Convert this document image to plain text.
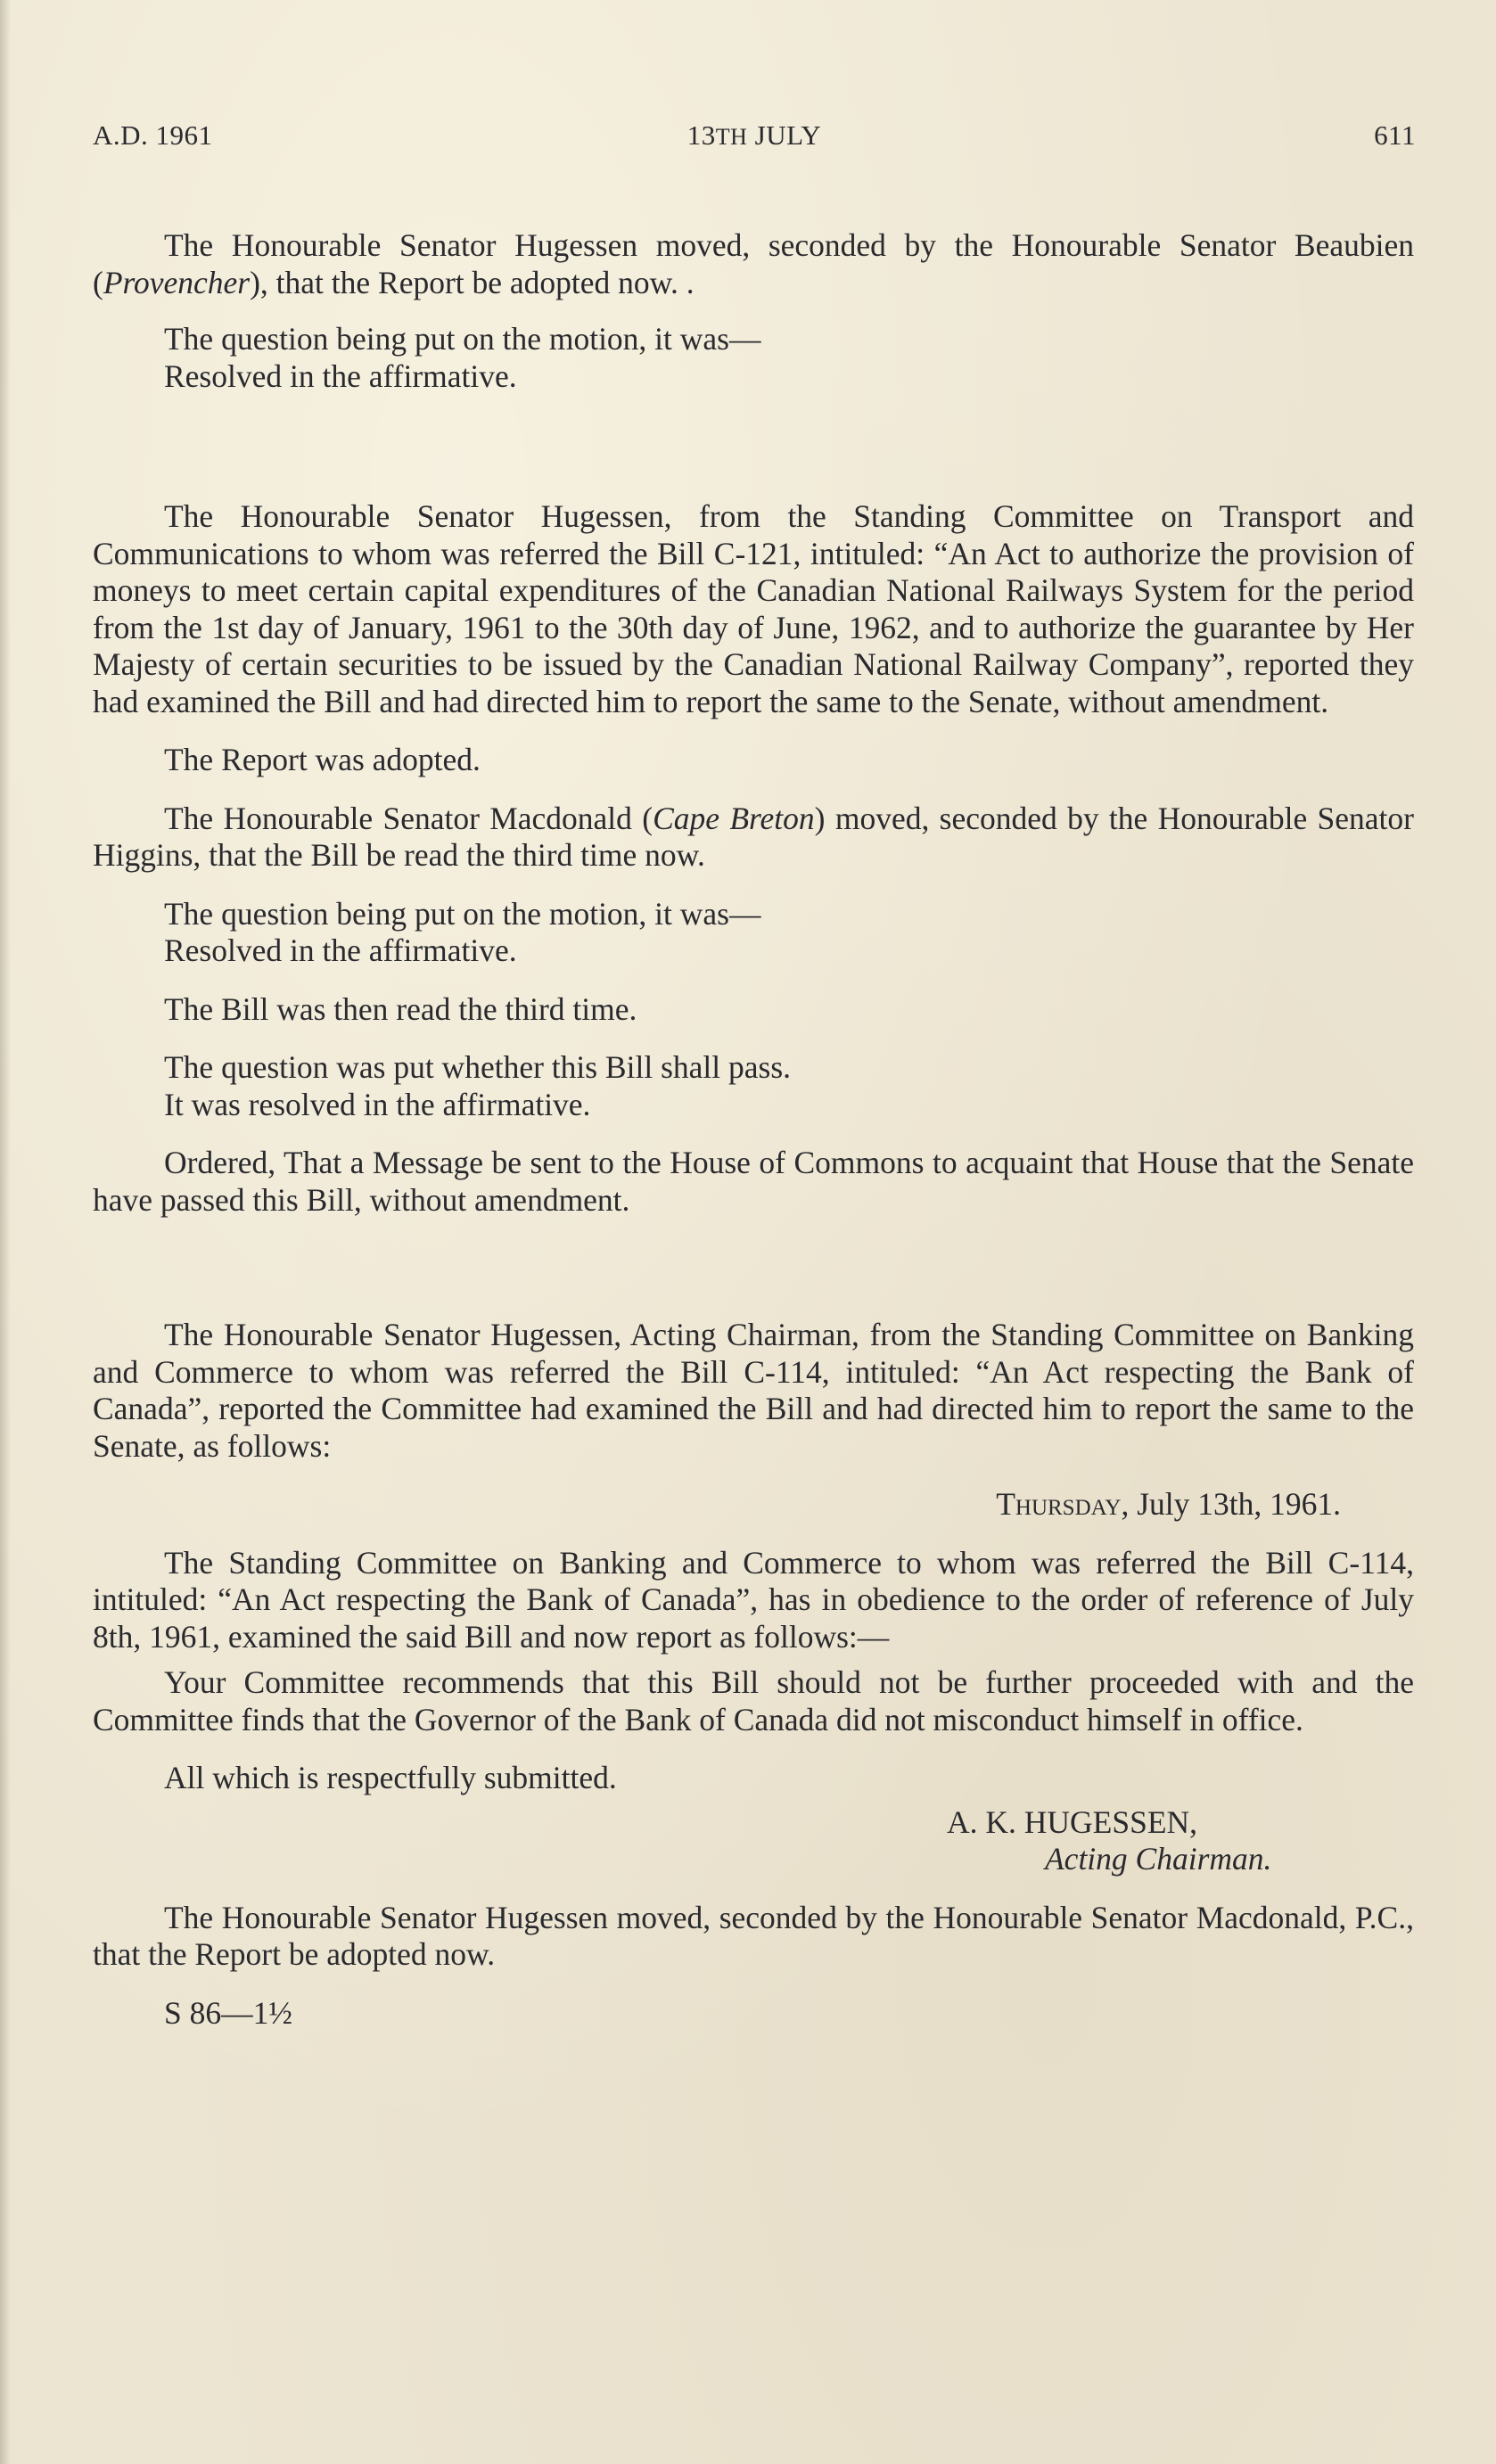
A.D. 1961	13TH JULY	611

The Honourable Senator Hugessen moved, seconded by the Honourable Senator Beaubien (Provencher), that the Report be adopted now. .

The question being put on the motion, it was—

Resolved in the affirmative.

The Honourable Senator Hugessen, from the Standing Committee on Transport and Communications to whom was referred the Bill C-121, intituled: “An Act to authorize the provision of moneys to meet certain capital expenditures of the Canadian National Railways System for the period from the 1st day of January, 1961 to the 30th day of June, 1962, and to authorize the guarantee by Her Majesty of certain securities to be issued by the Canadian National Railway Company”, reported they had examined the Bill and had directed him to report the same to the Senate, without amendment.

The Report was adopted.

The Honourable Senator Macdonald (Cape Breton) moved, seconded by the Honourable Senator Higgins, that the Bill be read the third time now.

The question being put on the motion, it was—

Resolved in the affirmative.

The Bill was then read the third time.

The question was put whether this Bill shall pass.

It was resolved in the affirmative.

Ordered, That a Message be sent to the House of Commons to acquaint that House that the Senate have passed this Bill, without amendment.

The Honourable Senator Hugessen, Acting Chairman, from the Standing Committee on Banking and Commerce to whom was referred the Bill C-114, intituled: “An Act respecting the Bank of Canada”, reported the Committee had examined the Bill and had directed him to report the same to the Senate, as follows:

Thursday, July 13th, 1961.

The Standing Committee on Banking and Commerce to whom was referred the Bill C-114, intituled: “An Act respecting the Bank of Canada”, has in obedience to the order of reference of July 8th, 1961, examined the said Bill and now report as follows:—

Your Committee recommends that this Bill should not be further proceeded with and the Committee finds that the Governor of the Bank of Canada did not misconduct himself in office.

All which is respectfully submitted.

A. K. HUGESSEN,

Acting Chairman.

The Honourable Senator Hugessen moved, seconded by the Honourable Senator Macdonald, P.C., that the Report be adopted now.

S 86—1½
